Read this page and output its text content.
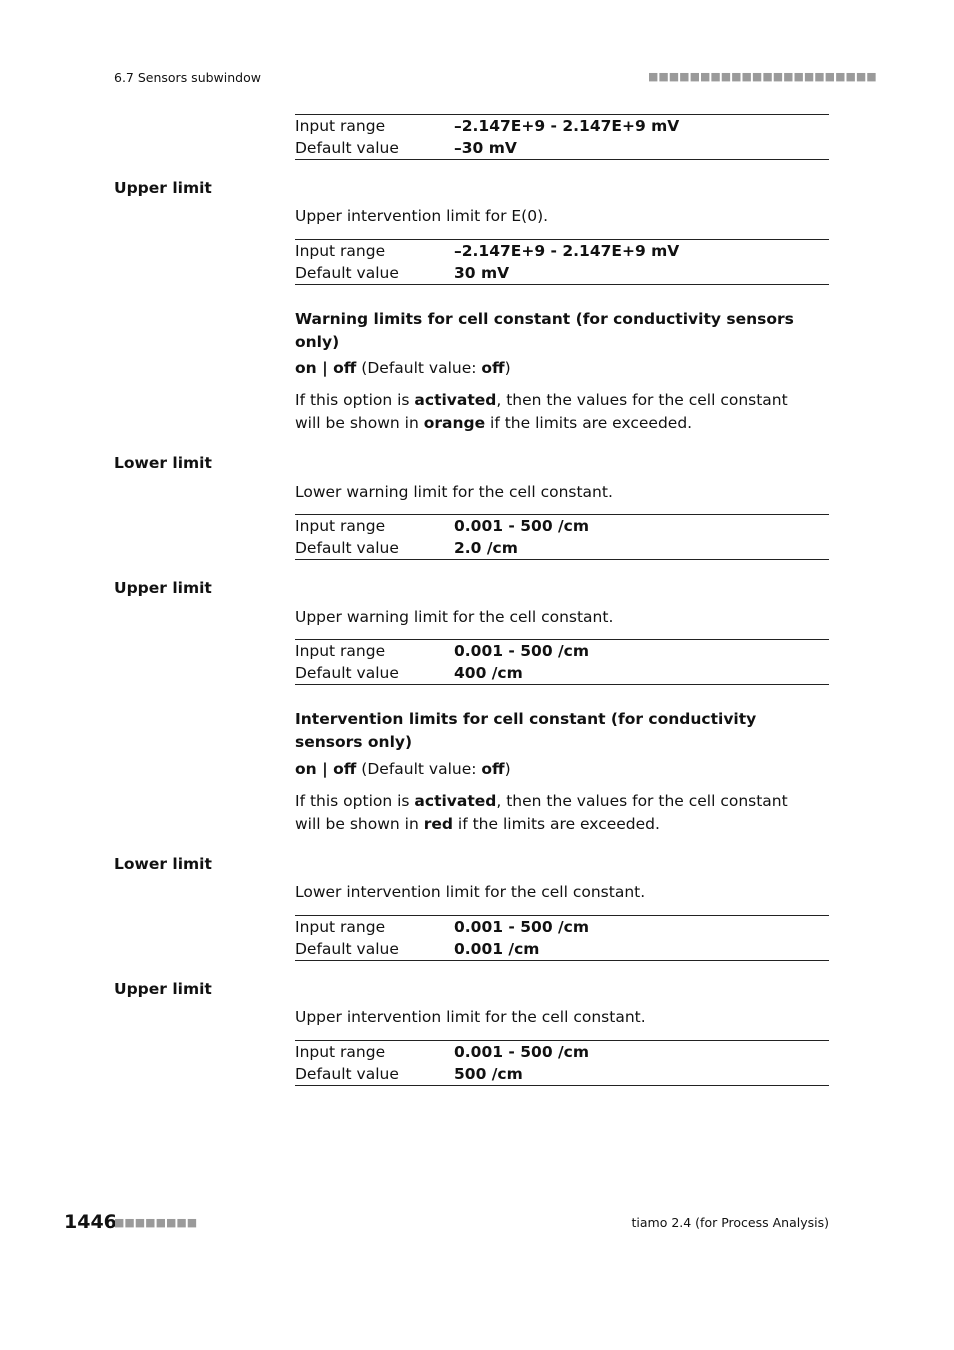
6.7 Sensors subwindow	■■■■■■■■■■■■■■■■■■■■■■
Input range	–2.147E+9 - 2.147E+9 mV
Default value	–30 mV
Upper limit
Upper intervention limit for E(0).
Input range	–2.147E+9 - 2.147E+9 mV
Default value	30 mV
Warning limits for cell constant (for conductivity sensors only)
on | off (Default value: off)
If this option is activated, then the values for the cell constant will be shown in orange if the limits are exceeded.
Lower limit
Lower warning limit for the cell constant.
Input range	0.001 - 500 /cm
Default value	2.0 /cm
Upper limit
Upper warning limit for the cell constant.
Input range	0.001 - 500 /cm
Default value	400 /cm
Intervention limits for cell constant (for conductivity sensors only)
on | off (Default value: off)
If this option is activated, then the values for the cell constant will be shown in red if the limits are exceeded.
Lower limit
Lower intervention limit for the cell constant.
Input range	0.001 - 500 /cm
Default value	0.001 /cm
Upper limit
Upper intervention limit for the cell constant.
Input range	0.001 - 500 /cm
Default value	500 /cm
1446
■■■■■■■■	tiamo 2.4 (for Process Analysis)
